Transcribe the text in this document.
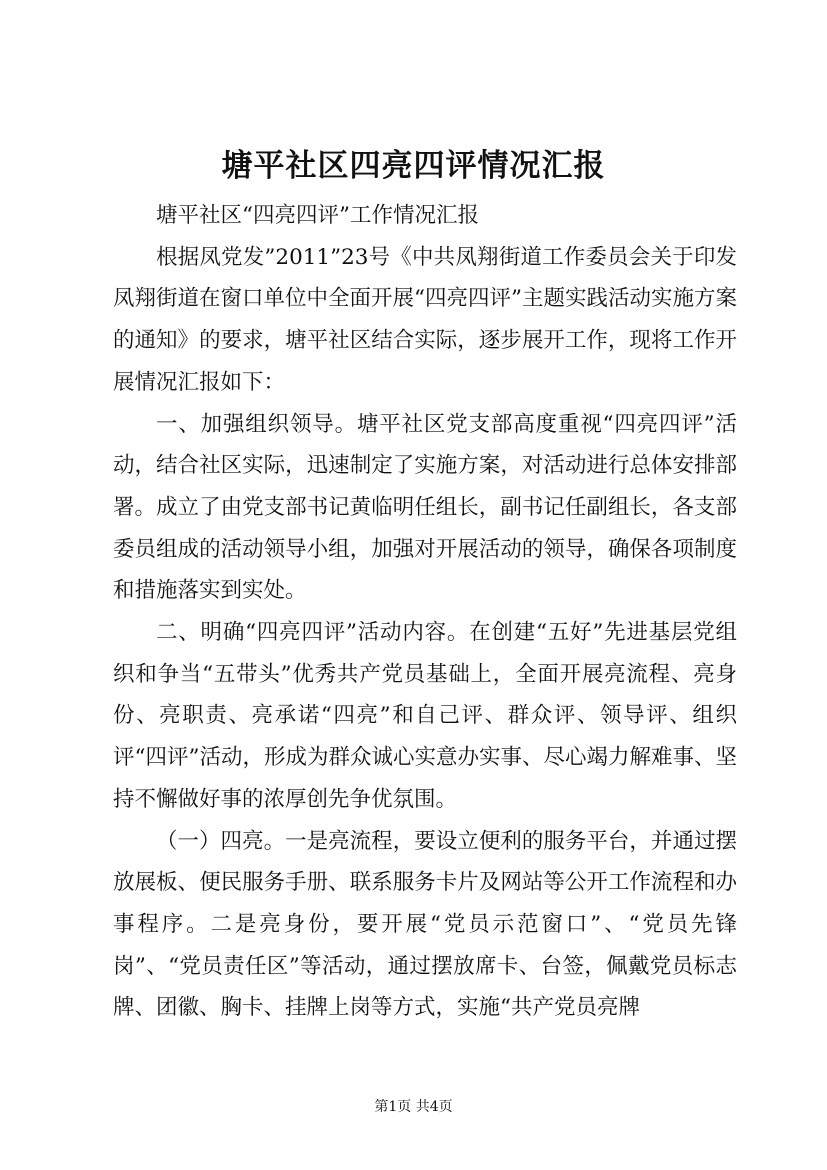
塘平社区四亮四评情况汇报

塘平社区“四亮四评”工作情况汇报

根据凤党发”2011”23号《中共凤翔街道工作委员会关于印发凤翔街道在窗口单位中全面开展“四亮四评”主题实践活动实施方案的通知》的要求，塘平社区结合实际，逐步展开工作，现将工作开展情况汇报如下：

一、加强组织领导。塘平社区党支部高度重视“四亮四评”活动，结合社区实际，迅速制定了实施方案，对活动进行总体安排部署。成立了由党支部书记黄临明任组长，副书记任副组长，各支部委员组成的活动领导小组，加强对开展活动的领导，确保各项制度和措施落实到实处。

二、明确“四亮四评”活动内容。在创建“五好”先进基层党组织和争当“五带头”优秀共产党员基础上，全面开展亮流程、亮身份、亮职责、亮承诺“四亮”和自己评、群众评、领导评、组织评“四评”活动，形成为群众诚心实意办实事、尽心竭力解难事、坚持不懈做好事的浓厚创先争优氛围。

（一）四亮。一是亮流程，要设立便利的服务平台，并通过摆放展板、便民服务手册、联系服务卡片及网站等公开工作流程和办事程序。二是亮身份，要开展“党员示范窗口”、“党员先锋岗”、“党员责任区”等活动，通过摆放席卡、台签，佩戴党员标志牌、团徽、胸卡、挂牌上岗等方式，实施“共产党员亮牌

第1页 共4页
